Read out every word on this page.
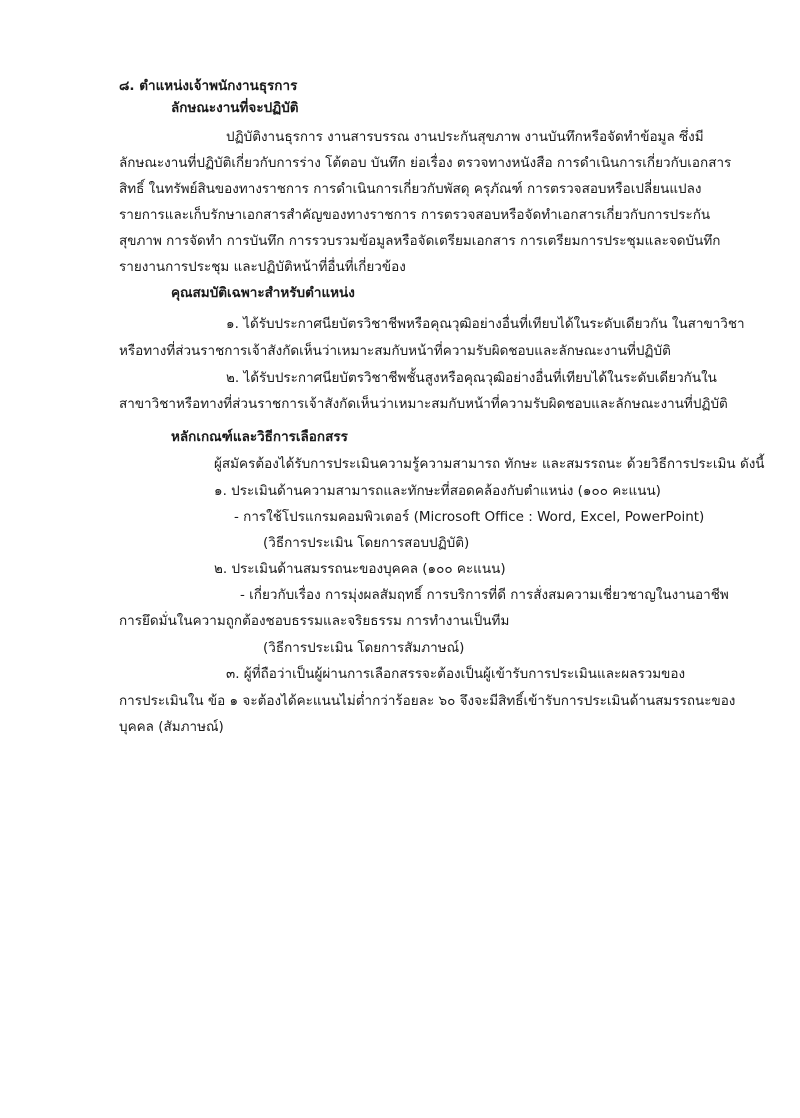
๘. ตำแหน่งเจ้าพนักงานธุรการ
ลักษณะงานที่จะปฏิบัติ
ปฏิบัติงานธุรการ งานสารบรรณ งานประกันสุขภาพ งานบันทึกหรือจัดทำข้อมูล ซึ่งมี
ลักษณะงานที่ปฏิบัติเกี่ยวกับการร่าง โต้ตอบ บันทึก ย่อเรื่อง ตรวจทางหนังสือ การดำเนินการเกี่ยวกับเอกสาร
สิทธิ์ ในทรัพย์สินของทางราชการ การดำเนินการเกี่ยวกับพัสดุ ครุภัณฑ์ การตรวจสอบหรือเปลี่ยนแปลง
รายการและเก็บรักษาเอกสารสำคัญของทางราชการ การตรวจสอบหรือจัดทำเอกสารเกี่ยวกับการประกัน
สุขภาพ การจัดทำ การบันทึก การรวบรวมข้อมูลหรือจัดเตรียมเอกสาร การเตรียมการประชุมและจดบันทึก
รายงานการประชุม และปฏิบัติหน้าที่อื่นที่เกี่ยวข้อง
คุณสมบัติเฉพาะสำหรับตำแหน่ง
๑. ได้รับประกาศนียบัตรวิชาชีพหรือคุณวุฒิอย่างอื่นที่เทียบได้ในระดับเดียวกัน ในสาขาวิชา
หรือทางที่ส่วนราชการเจ้าสังกัดเห็นว่าเหมาะสมกับหน้าที่ความรับผิดชอบและลักษณะงานที่ปฏิบัติ
๒. ได้รับประกาศนียบัตรวิชาชีพชั้นสูงหรือคุณวุฒิอย่างอื่นที่เทียบได้ในระดับเดียวกันใน
สาขาวิชาหรือทางที่ส่วนราชการเจ้าสังกัดเห็นว่าเหมาะสมกับหน้าที่ความรับผิดชอบและลักษณะงานที่ปฏิบัติ
หลักเกณฑ์และวิธีการเลือกสรร
ผู้สมัครต้องได้รับการประเมินความรู้ความสามารถ ทักษะ และสมรรถนะ ด้วยวิธีการประเมิน ดังนี้
๑. ประเมินด้านความสามารถและทักษะที่สอดคล้องกับตำแหน่ง (๑๐๐ คะแนน)
- การใช้โปรแกรมคอมพิวเตอร์ (Microsoft Office : Word, Excel, PowerPoint)
(วิธีการประเมิน โดยการสอบปฏิบัติ)
๒. ประเมินด้านสมรรถนะของบุคคล (๑๐๐ คะแนน)
- เกี่ยวกับเรื่อง การมุ่งผลสัมฤทธิ์ การบริการที่ดี การสั่งสมความเชี่ยวชาญในงานอาชีพ
การยึดมั่นในความถูกต้องชอบธรรมและจริยธรรม การทำงานเป็นทีม
(วิธีการประเมิน โดยการสัมภาษณ์)
๓. ผู้ที่ถือว่าเป็นผู้ผ่านการเลือกสรรจะต้องเป็นผู้เข้ารับการประเมินและผลรวมของ
การประเมินใน ข้อ ๑ จะต้องได้คะแนนไม่ต่ำกว่าร้อยละ ๖๐ จึงจะมีสิทธิ์เข้ารับการประเมินด้านสมรรถนะของ
บุคคล (สัมภาษณ์)
